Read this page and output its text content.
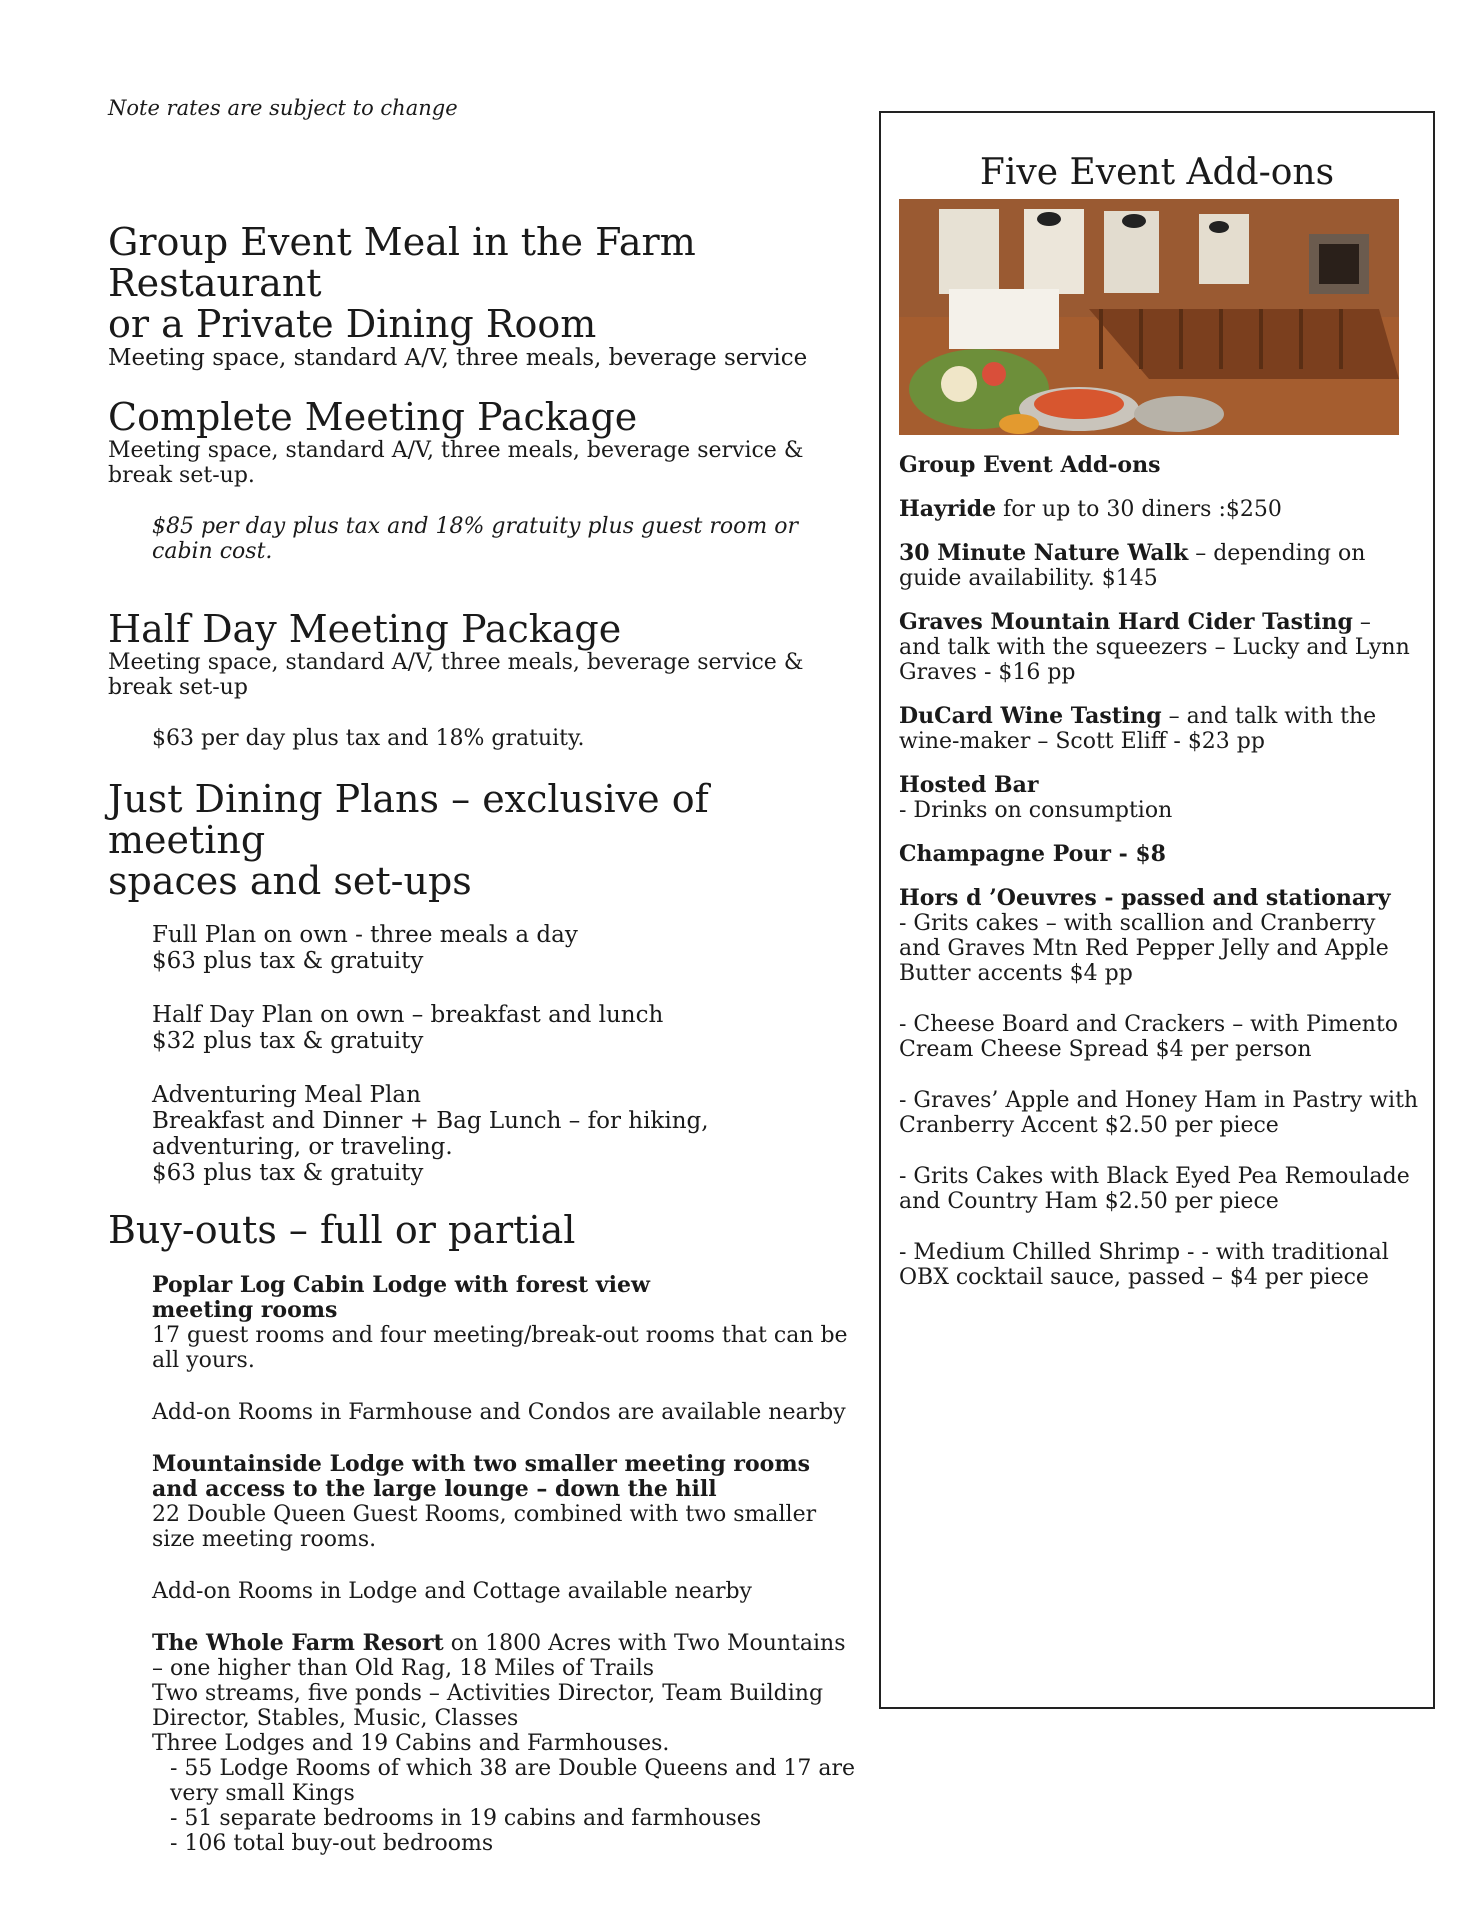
Note rates are subject to change
Group Event Meal in the Farm Restaurant
or a Private Dining Room
Meeting space, standard A/V, three meals, beverage service
Complete Meeting Package
Meeting space, standard A/V, three meals, beverage service & break set-up.
$85 per day plus tax and 18% gratuity plus guest room or cabin cost.
Half Day Meeting Package
Meeting space, standard A/V, three meals, beverage service & break set-up
$63 per day plus tax and 18% gratuity.
Just Dining Plans – exclusive of meeting
spaces and set-ups
Full Plan on own - three meals a day
$63 plus tax & gratuity
Half Day Plan on own – breakfast and lunch
$32 plus tax & gratuity
Adventuring Meal Plan
Breakfast and Dinner + Bag Lunch – for hiking,
adventuring, or traveling.
$63 plus tax & gratuity
Buy-outs – full or partial
Poplar Log Cabin Lodge with forest view
meeting rooms
17 guest rooms and four meeting/break-out rooms that can be all yours.
Add-on Rooms in Farmhouse and Condos are available nearby
Mountainside Lodge with two smaller meeting rooms
and access to the large lounge – down the hill
22 Double Queen Guest Rooms, combined with two smaller size meeting rooms.
Add-on Rooms in Lodge and Cottage available nearby
The Whole Farm Resort on 1800 Acres with Two Mountains
– one higher than Old Rag, 18 Miles of Trails
Two streams, five ponds – Activities Director, Team Building
Director, Stables, Music, Classes
Three Lodges and 19 Cabins and Farmhouses.
- 55 Lodge Rooms of which 38 are Double Queens and 17 are very small Kings
- 51 separate bedrooms in 19 cabins and farmhouses
- 106 total buy-out bedrooms
Five Event Add-ons

Group Event Add-ons

Hayride for up to 30 diners :$250

30 Minute Nature Walk – depending on guide availability. $145

Graves Mountain Hard Cider Tasting – and talk with the squeezers – Lucky and Lynn Graves - $16 pp

DuCard Wine Tasting – and talk with the wine-maker – Scott Eliff - $23 pp

Hosted Bar
- Drinks on consumption

Champagne Pour - $8

Hors d ’Oeuvres - passed and stationary

- Grits cakes – with scallion and Cranberry and Graves Mtn Red Pepper Jelly and Apple Butter accents $4 pp

- Cheese Board and Crackers – with Pimento Cream Cheese Spread $4 per person

- Graves’ Apple and Honey Ham in Pastry with Cranberry Accent $2.50 per piece

- Grits Cakes with Black Eyed Pea Remoulade and Country Ham $2.50 per piece

- Medium Chilled Shrimp - - with traditional OBX cocktail sauce, passed – $4 per piece
